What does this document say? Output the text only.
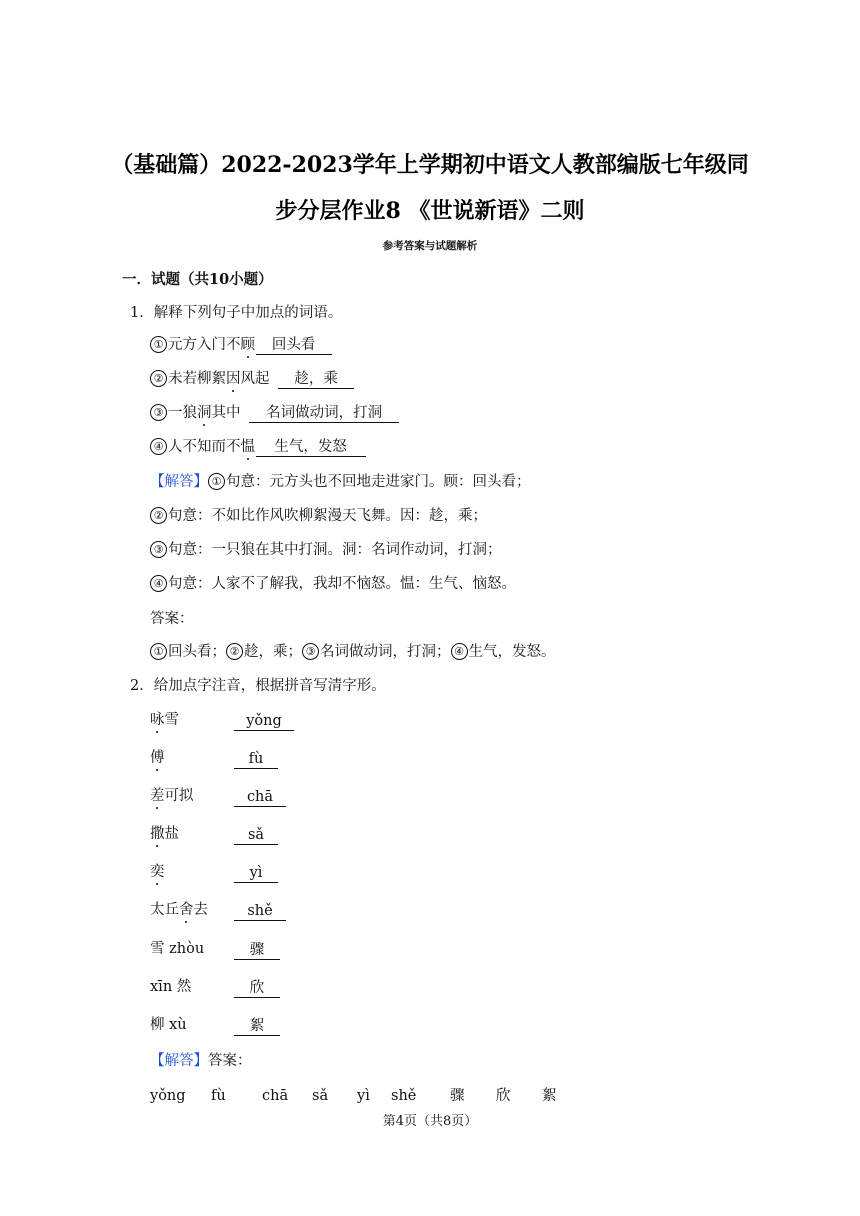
（基础篇）2022-2023学年上学期初中语文人教部编版七年级同
步分层作业8 《世说新语》二则
参考答案与试题解析
一．试题（共10小题）
1．解释下列句子中加点的词语。
① 元方入门不顾 回头看
② 未若柳絮因风起 趁，乘
③ 一狼洞其中 名词做动词，打洞
④ 人不知而不愠 生气，发怒
【解答】 ① 句意：元方头也不回地走进家门。顾：回头看；
② 句意：不如比作风吹柳絮漫天飞舞。因：趁，乘；
③ 句意：一只狼在其中打洞。洞：名词作动词，打洞；
④ 句意：人家不了解我，我却不恼怒。愠：生气、恼怒。
答案：
① 回头看； ② 趁，乘； ③ 名词做动词，打洞； ④ 生气，发怒。
2．给加点字注音，根据拼音写清字形。
咏雪	yǒng
傅	fù
差可拟	chā
撒盐	sǎ
奕	yì
太丘舍去	shě
雪 zhòu	骤
xīn 然	欣
柳 xù	絮
【解答】答案：
yǒng fù	chā sǎ yì shě 骤 欣 絮
第4页（共8页）
